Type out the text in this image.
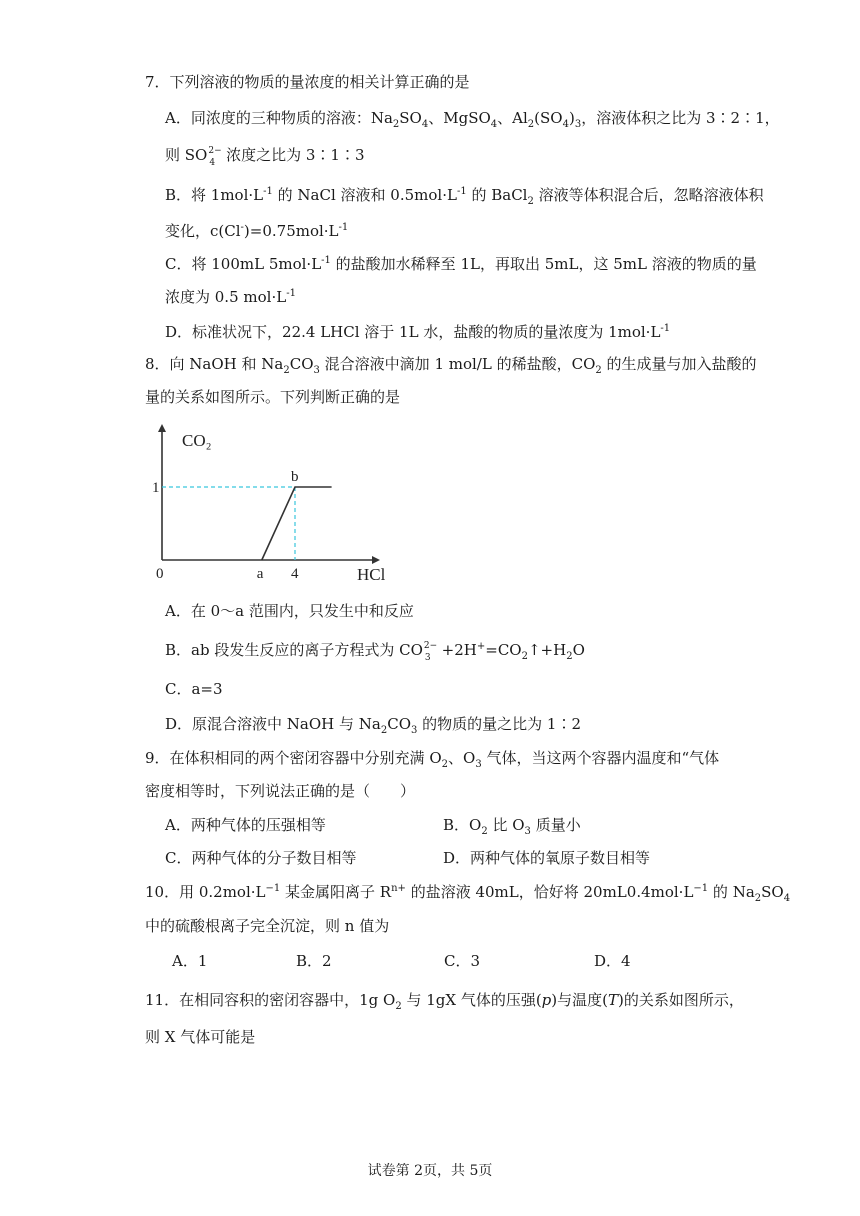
7．下列溶液的物质的量浓度的相关计算正确的是
A．同浓度的三种物质的溶液：$Na_2SO_4$、MgSO$_4$、$Al_2(SO_4)_3$，溶液体积之比为 3∶2∶1，
则 SO 2−
4 浓度之比为 3∶1∶3
B．将 $1mol\cdot L^{-1}$ 的 NaCl 溶液和 $0.5mol\cdot L^{-1}$ 的 BaCl$_2$ 溶液等体积混合后，忽略溶液体积
变化，$c(Cl^-)=0.75mol\cdot L^{-1}$
C．将 100mL $5mol\cdot L^{-1}$ 的盐酸加水稀释至 1L，再取出 5mL，这 5mL 溶液的物质的量
浓度为 0.5 $mol\cdot L^{-1}$
D．标准状况下，22.4 LHCl 溶于 1L 水，盐酸的物质的量浓度为 $1mol\cdot L^{-1}$
8．向 NaOH 和 $Na_2CO_3$ 混合溶液中滴加 1 mol/L 的稀盐酸，$CO_2$ 的生成量与加入盐酸的
量的关系如图所示。下列判断正确的是
CO₂
HCl
0
1
a 4
b
A．在 0～a 范围内，只发生中和反应
B．ab 段发生反应的离子方程式为 CO 2−
$3 +2H^+=CO_2↑+H_2O$
C．a=3
D．原混合溶液中 NaOH 与 $Na_2CO_3$ 的物质的量之比为 1∶2
9．在体积相同的两个密闭容器中分别充满 $O_2$、$O_3$ 气体，当这两个容器内温度和“气体
密度相等时，下列说法正确的是（　　）
A．两种气体的压强相等	B．$O_2$ 比 $O_3$ 质量小
C．两种气体的分子数目相等	D．两种气体的氧原子数目相等
10．用 $0.2mol\cdot L^{-1}$ 某金属阳离子 $R^{n+}$ 的盐溶液 40mL，恰好将 $20mL0.4mol\cdot L^{-1}$ 的 $Na_2SO_4$
中的硫酸根离子完全沉淀，则 n 值为
A．1	B．2	C．3	D．4
11．在相同容积的密闭容器中，1g $O_2$ 与 1gX 气体的压强(p)与温度(T)的关系如图所示，
则 X 气体可能是
试卷第 2页，共 5页
